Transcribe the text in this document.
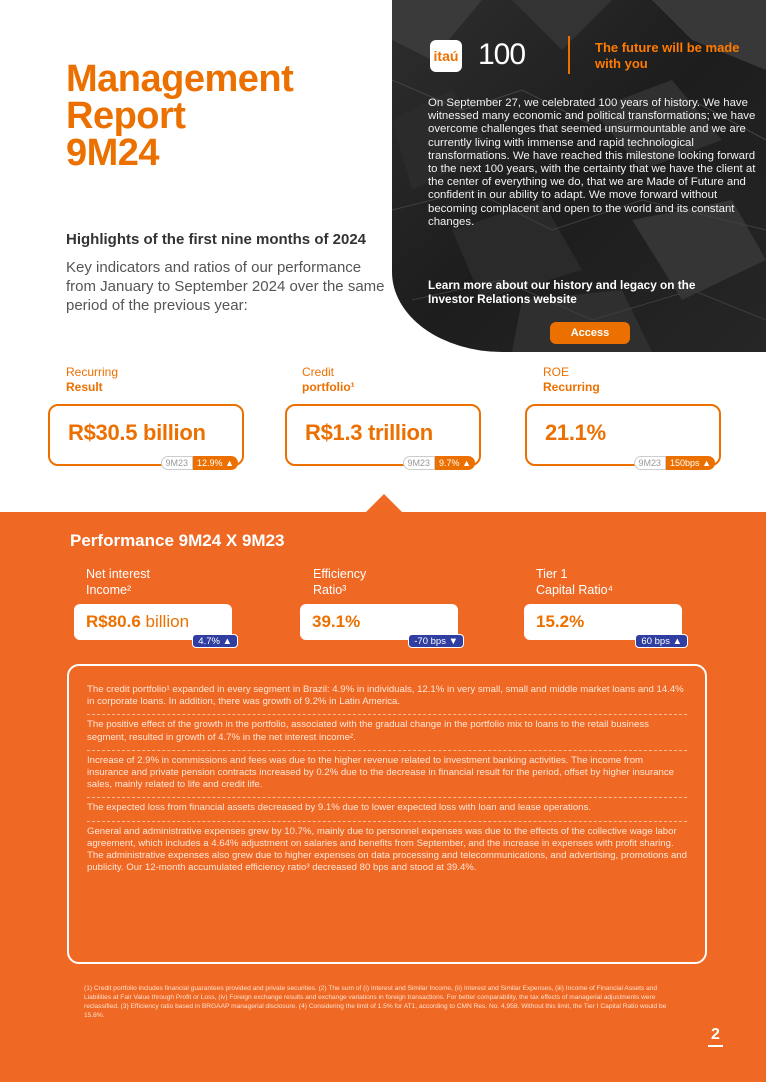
Management
Report
9M24
Highlights of the first nine months of 2024
Key indicators and ratios of our performance from January to September 2024 over the same period of the previous year:
itaú 100	The future will be made with you
On September 27, we celebrated 100 years of history. We have witnessed many economic and political transformations; we have overcome challenges that seemed unsurmountable and we are currently living with immense and rapid technological transformations. We have reached this milestone looking forward to the next 100 years, with the certainty that we have the client at the center of everything we do, that we are Made of Future and confident in our ability to adapt. We move forward without becoming complacent and open to the world and its constant changes.
Learn more about our history and legacy on the Investor Relations website
Access
Recurring
Result
R$30.5 billion
9M23	12.9% ▲
Credit
portfolio¹
R$1.3 trillion
9M23	9.7% ▲
ROE
Recurring
21.1%
9M23	150bps ▲
Performance 9M24 X 9M23
Net interest
Income²
R$80.6 billion
4.7% ▲
Efficiency
Ratio³
39.1%
-70 bps ▼
Tier 1
Capital Ratio⁴
15.2%
60 bps ▲
The credit portfolio¹ expanded in every segment in Brazil: 4.9% in individuals, 12.1% in very small, small and middle market loans and 14.4% in corporate loans. In addition, there was growth of 9.2% in Latin America.
The positive effect of the growth in the portfolio, associated with the gradual change in the portfolio mix to loans to the retail business segment, resulted in growth of 4.7% in the net interest income².
Increase of 2.9% in commissions and fees was due to the higher revenue related to investment banking activities. The income from insurance and private pension contracts increased by 0.2% due to the decrease in financial result for the period, offset by higher insurance sales, mainly related to life and credit life.
The expected loss from financial assets decreased by 9.1% due to lower expected loss with loan and lease operations.
General and administrative expenses grew by 10.7%, mainly due to personnel expenses was due to the effects of the collective wage labor agreement, which includes a 4.64% adjustment on salaries and benefits from September, and the increase in expenses with profit sharing. The administrative expenses also grew due to higher expenses on data processing and telecommunications, and advertising, promotions and publicity. Our 12-month accumulated efficiency ratio³ decreased 80 bps and stood at 39.4%.
(1) Credit portfolio includes financial guarantees provided and private securities. (2) The sum of (i) Interest and Similar Income, (ii) Interest and Similar Expenses, (iii) Income of Financial Assets and Liabilities at Fair Value through Profit or Loss, (iv) Foreign exchange results and exchange variations in foreign transactions. For better comparability, the tax effects of managerial adjustments were reclassified. (3) Efficiency ratio based in BRGAAP managerial disclosure. (4) Considering the limit of 1.5% for AT1, according to CMN Res. No. 4,958. Without this limit, the Tier I Capital Ratio would be 15.8%.
2
